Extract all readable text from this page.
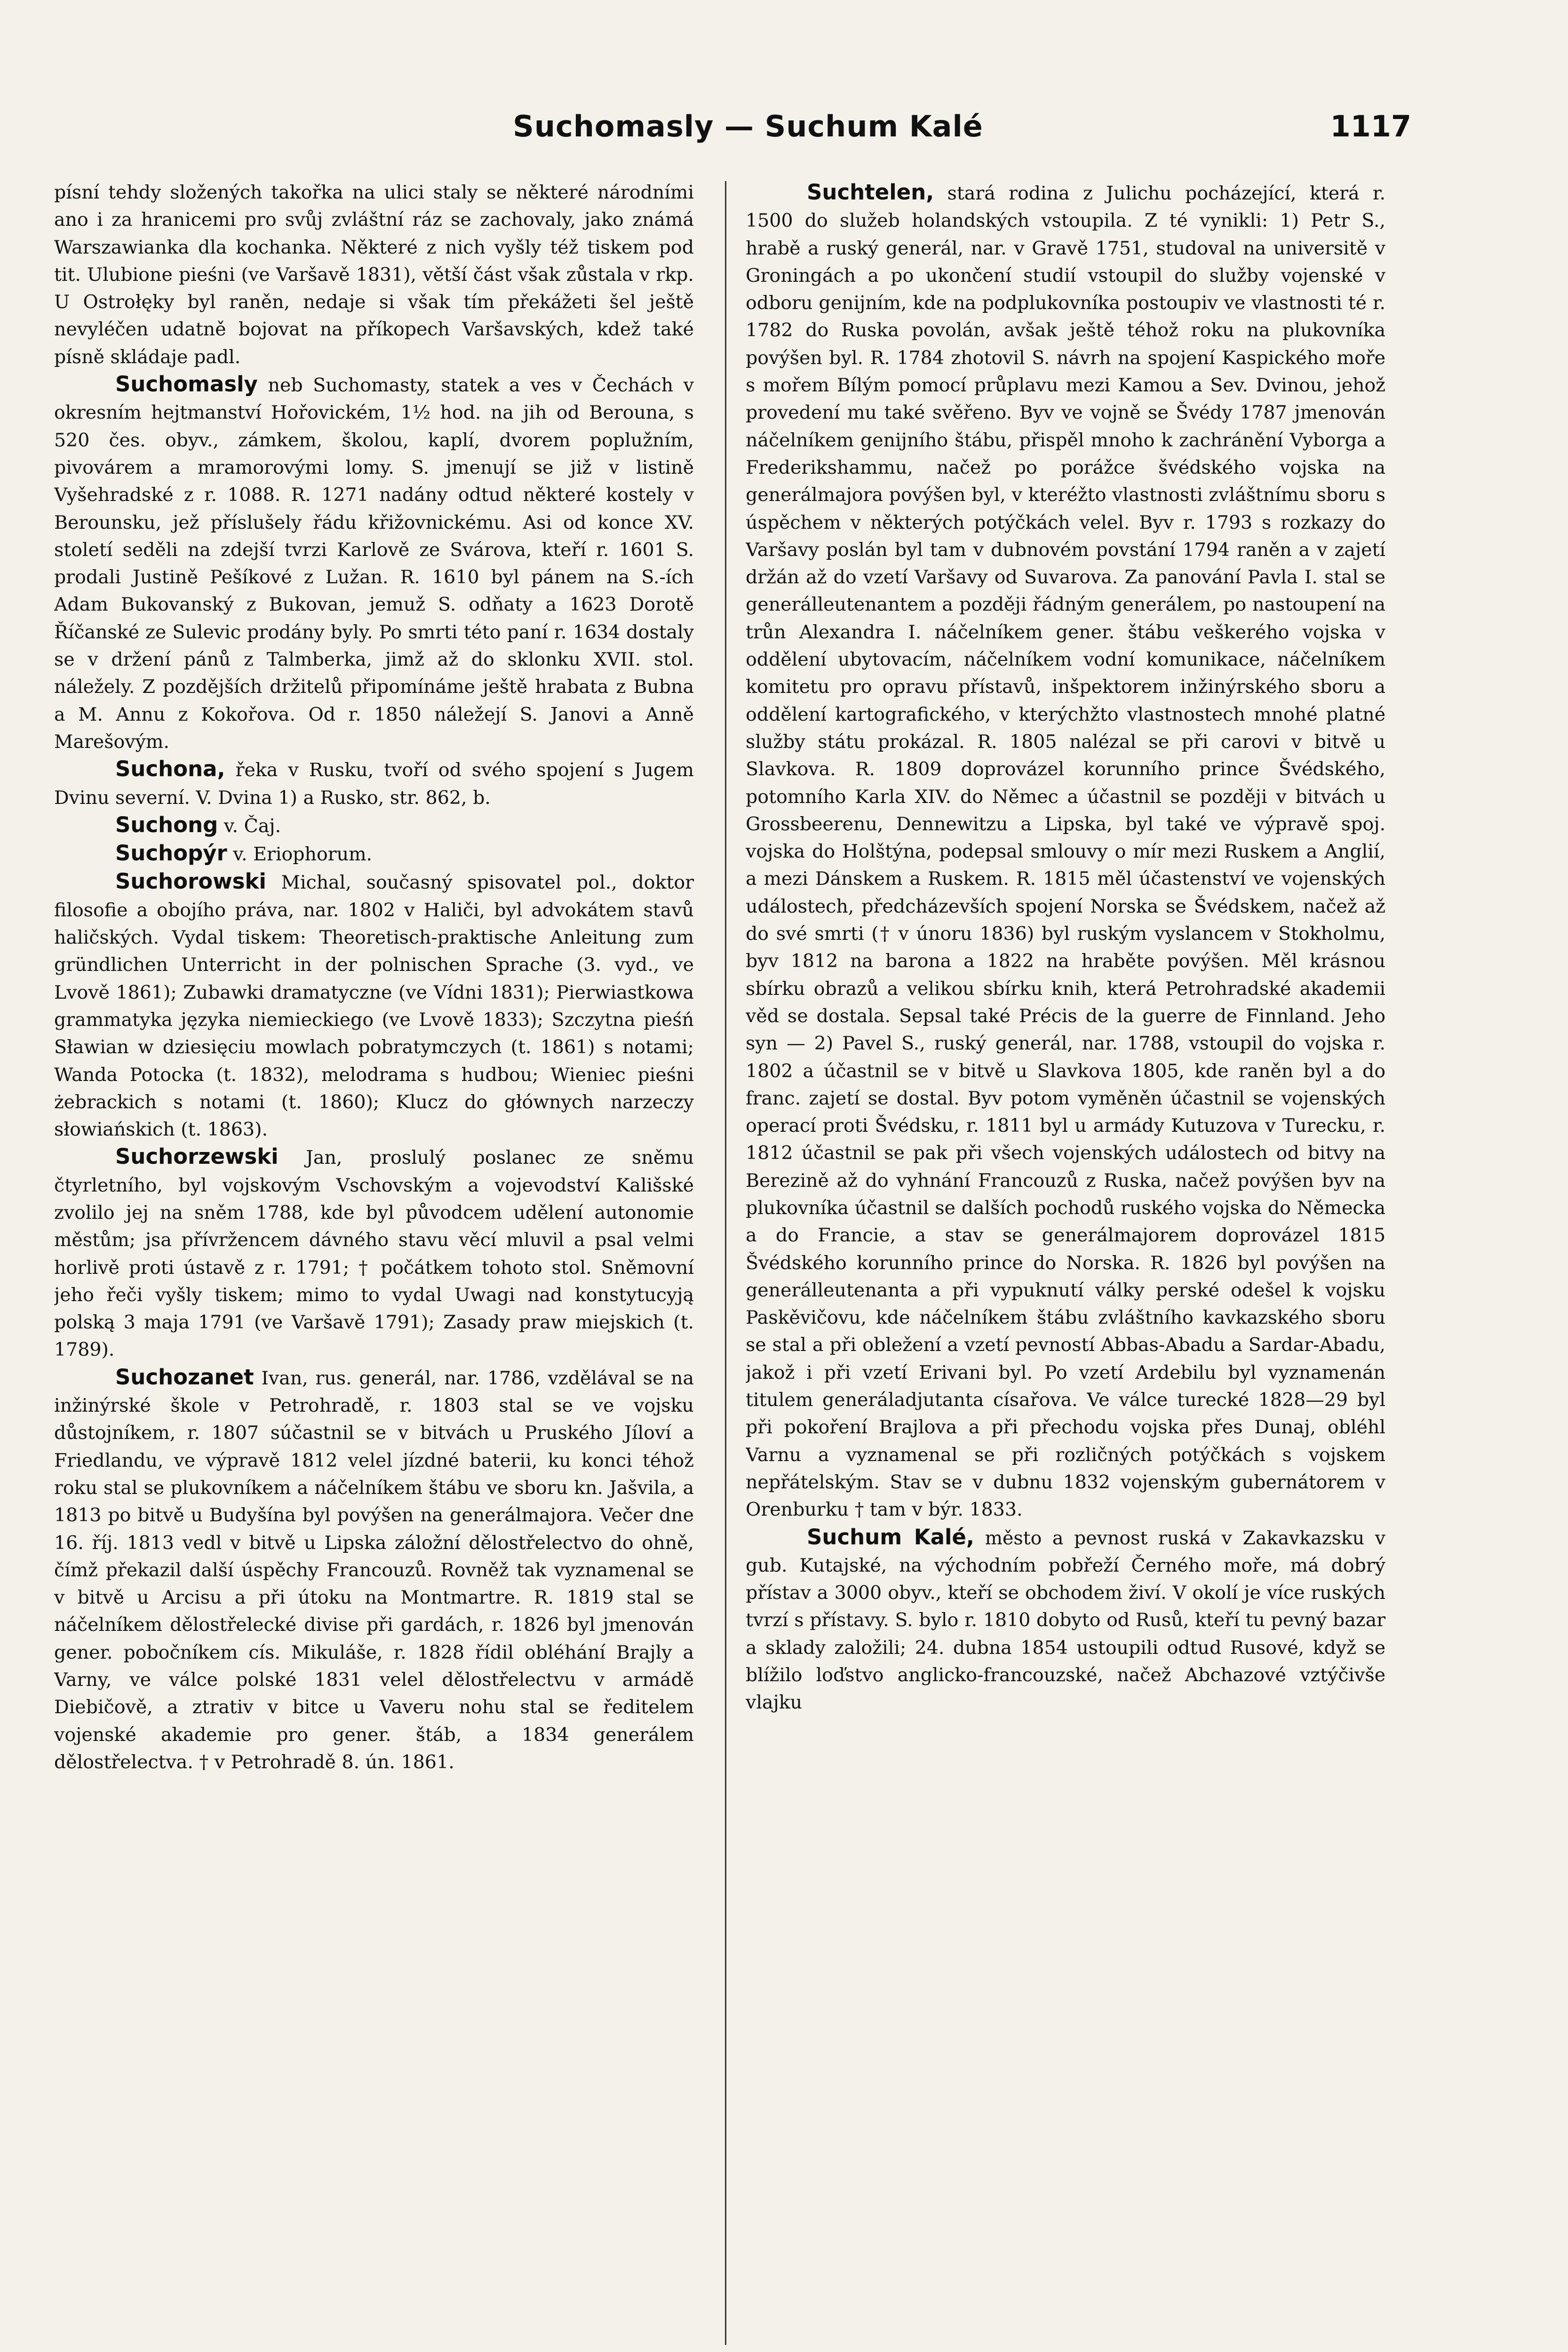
Suchomasly — Suchum Kalé	1117

písní tehdy složených takořka na ulici staly se některé národními ano i za hranicemi pro svůj zvláštní ráz se zachovaly, jako známá Warszawianka dla kochanka. Některé z nich vyšly též tiskem pod tit. Ulubione pieśni (ve Varšavě 1831), větší část však zůstala v rkp. U Ostrołęky byl raněn, nedaje si však tím překážeti šel ještě nevyléčen udatně bojovat na příkopech Varšavských, kdež také písně skládaje padl.

Suchomasly neb Suchomasty, statek a ves v Čechách v okresním hejtmanství Hořovickém, 1½ hod. na jih od Berouna, s 520 čes. obyv., zámkem, školou, kaplí, dvorem poplužním, pivovárem a mramorovými lomy. S. jmenují se již v listině Vyšehradské z r. 1088. R. 1271 nadány odtud některé kostely v Berounsku, jež příslušely řádu křižovnickému. Asi od konce XV. století seděli na zdejší tvrzi Karlově ze Svárova, kteří r. 1601 S. prodali Justině Pešíkové z Lužan. R. 1610 byl pánem na S.-ích Adam Bukovanský z Bukovan, jemuž S. odňaty a 1623 Dorotě Říčanské ze Sulevic prodány byly. Po smrti této paní r. 1634 dostaly se v držení pánů z Talmberka, jimž až do sklonku XVII. stol. náležely. Z pozdějších držitelů připomínáme ještě hrabata z Bubna a M. Annu z Kokořova. Od r. 1850 náležejí S. Janovi a Anně Marešovým.

Suchona, řeka v Rusku, tvoří od svého spojení s Jugem Dvinu severní. V. Dvina 1) a Rusko, str. 862, b.

Suchong v. Čaj.

Suchopýr v. Eriophorum.

Suchorowski Michal, současný spisovatel pol., doktor filosofie a obojího práva, nar. 1802 v Haliči, byl advokátem stavů haličských. Vydal tiskem: Theoretisch-praktische Anleitung zum gründlichen Unterricht in der polnischen Sprache (3. vyd., ve Lvově 1861); Zubawki dramatyczne (ve Vídni 1831); Pierwiastkowa grammatyka języka niemieckiego (ve Lvově 1833); Szczytna pieśń Sławian w dziesięciu mowlach pobratymczych (t. 1861) s notami; Wanda Potocka (t. 1832), melodrama s hudbou; Wieniec pieśni żebrackich s notami (t. 1860); Klucz do głównych narzeczy słowiańskich (t. 1863).

Suchorzewski Jan, proslulý poslanec ze sněmu čtyrletního, byl vojskovým Vschovským a vojevodství Kališské zvolilo jej na sněm 1788, kde byl původcem udělení autonomie městům; jsa přívržencem dávného stavu věcí mluvil a psal velmi horlivě proti ústavě z r. 1791; † počátkem tohoto stol. Sněmovní jeho řeči vyšly tiskem; mimo to vydal Uwagi nad konstytucyją polską 3 maja 1791 (ve Varšavě 1791); Zasady praw miejskich (t. 1789).

Suchozanet Ivan, rus. generál, nar. 1786, vzdělával se na inžinýrské škole v Petrohradě, r. 1803 stal se ve vojsku důstojníkem, r. 1807 súčastnil se v bitvách u Pruského Jíloví a Friedlandu, ve výpravě 1812 velel jízdné baterii, ku konci téhož roku stal se plukovníkem a náčelníkem štábu ve sboru kn. Jašvila, a 1813 po bitvě u Budyšína byl povýšen na generálmajora. Večer dne 16. říj. 1813 vedl v bitvě u Lipska záložní dělostřelectvo do ohně, čímž překazil další úspěchy Francouzů. Rovněž tak vyznamenal se v bitvě u Arcisu a při útoku na Montmartre. R. 1819 stal se náčelníkem dělostřelecké divise při gardách, r. 1826 byl jmenován gener. pobočníkem cís. Mikuláše, r. 1828 řídil obléhání Brajly a Varny, ve válce polské 1831 velel dělostřelectvu v armádě Diebičově, a ztrativ v bitce u Vaveru nohu stal se ředitelem vojenské akademie pro gener. štáb, a 1834 generálem dělostřelectva. † v Petrohradě 8. ún. 1861.

Suchtelen, stará rodina z Julichu pocházející, která r. 1500 do služeb holandských vstoupila. Z té vynikli: 1) Petr S., hrabě a ruský generál, nar. v Gravě 1751, studoval na universitě v Groningách a po ukončení studií vstoupil do služby vojenské v odboru genijním, kde na podplukovníka postoupiv ve vlastnosti té r. 1782 do Ruska povolán, avšak ještě téhož roku na plukovníka povýšen byl. R. 1784 zhotovil S. návrh na spojení Kaspického moře s mořem Bílým pomocí průplavu mezi Kamou a Sev. Dvinou, jehož provedení mu také svěřeno. Byv ve vojně se Švédy 1787 jmenován náčelníkem genijního štábu, přispěl mnoho k zachránění Vyborga a Frederikshammu, načež po porážce švédského vojska na generálmajora povýšen byl, v kteréžto vlastnosti zvláštnímu sboru s úspěchem v některých potýčkách velel. Byv r. 1793 s rozkazy do Varšavy poslán byl tam v dubnovém povstání 1794 raněn a v zajetí držán až do vzetí Varšavy od Suvarova. Za panování Pavla I. stal se generálleutenantem a později řádným generálem, po nastoupení na trůn Alexandra I. náčelníkem gener. štábu veškerého vojska v oddělení ubytovacím, náčelníkem vodní komunikace, náčelníkem komitetu pro opravu přístavů, inšpektorem inžinýrského sboru a oddělení kartografického, v kterýchžto vlastnostech mnohé platné služby státu prokázal. R. 1805 nalézal se při carovi v bitvě u Slavkova. R. 1809 doprovázel korunního prince Švédského, potomního Karla XIV. do Němec a účastnil se později v bitvách u Grossbeerenu, Dennewitzu a Lipska, byl také ve výpravě spoj. vojska do Holštýna, podepsal smlouvy o mír mezi Ruskem a Anglií, a mezi Dánskem a Ruskem. R. 1815 měl účastenství ve vojenských událostech, předcházevších spojení Norska se Švédskem, načež až do své smrti († v únoru 1836) byl ruským vyslancem v Stokholmu, byv 1812 na barona a 1822 na hraběte povýšen. Měl krásnou sbírku obrazů a velikou sbírku knih, která Petrohradské akademii věd se dostala. Sepsal také Précis de la guerre de Finnland. Jeho syn — 2) Pavel S., ruský generál, nar. 1788, vstoupil do vojska r. 1802 a účastnil se v bitvě u Slavkova 1805, kde raněn byl a do franc. zajetí se dostal. Byv potom vyměněn účastnil se vojenských operací proti Švédsku, r. 1811 byl u armády Kutuzova v Turecku, r. 1812 účastnil se pak při všech vojenských událostech od bitvy na Berezině až do vyhnání Francouzů z Ruska, načež povýšen byv na plukovníka účastnil se dalších pochodů ruského vojska do Německa a do Francie, a stav se generálmajorem doprovázel 1815 Švédského korunního prince do Norska. R. 1826 byl povýšen na generálleutenanta a při vypuknutí války perské odešel k vojsku Paskěvičovu, kde náčelníkem štábu zvláštního kavkazského sboru se stal a při obležení a vzetí pevností Abbas-Abadu a Sardar-Abadu, jakož i při vzetí Erivani byl. Po vzetí Ardebilu byl vyznamenán titulem generáladjutanta císařova. Ve válce turecké 1828—29 byl při pokoření Brajlova a při přechodu vojska přes Dunaj, obléhl Varnu a vyznamenal se při rozličných potýčkách s vojskem nepřátelským. Stav se v dubnu 1832 vojenským gubernátorem v Orenburku † tam v býr. 1833.

Suchum Kalé, město a pevnost ruská v Zakavkazsku v gub. Kutajské, na východním pobřeží Černého moře, má dobrý přístav a 3000 obyv., kteří se obchodem živí. V okolí je více ruských tvrzí s přístavy. S. bylo r. 1810 dobyto od Rusů, kteří tu pevný bazar a sklady založili; 24. dubna 1854 ustoupili odtud Rusové, když se blížilo loďstvo anglicko-francouzské, načež Abchazové vztýčivše vlajku
